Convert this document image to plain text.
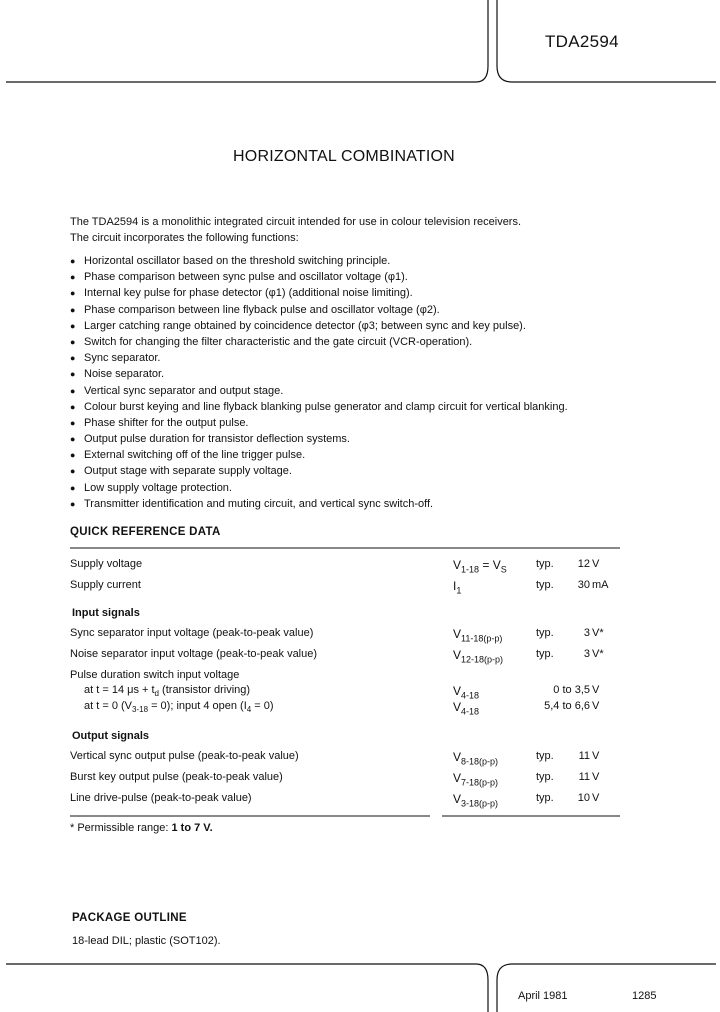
TDA2594
HORIZONTAL COMBINATION
The TDA2594 is a monolithic integrated circuit intended for use in colour television receivers.
The circuit incorporates the following functions:
● Horizontal oscillator based on the threshold switching principle.
● Phase comparison between sync pulse and oscillator voltage (φ1).
● Internal key pulse for phase detector (φ1) (additional noise limiting).
● Phase comparison between line flyback pulse and oscillator voltage (φ2).
● Larger catching range obtained by coincidence detector (φ3; between sync and key pulse).
● Switch for changing the filter characteristic and the gate circuit (VCR-operation).
● Sync separator.
● Noise separator.
● Vertical sync separator and output stage.
● Colour burst keying and line flyback blanking pulse generator and clamp circuit for vertical blanking.
● Phase shifter for the output pulse.
● Output pulse duration for transistor deflection systems.
● External switching off of the line trigger pulse.
● Output stage with separate supply voltage.
● Low supply voltage protection.
● Transmitter identification and muting circuit, and vertical sync switch-off.
QUICK REFERENCE DATA
Supply voltage	$V_{1-18} = V_S$	typ.	12 V
Supply current	$I_1$	typ.	30 mA
Input signals
Sync separator input voltage (peak-to-peak value)	$V_{11-18(p-p)}$	typ.	3 V*
Noise separator input voltage (peak-to-peak value)	$V_{12-18(p-p)}$	typ.	3 V*
Pulse duration switch input voltage
at t = 14 $\mu s + t_d$ (transistor driving)	$V_{4-18}$	0 to 3,5 V
at t = 0 $(V_{3-18} = 0)$; input 4 open $(I_4 = 0)$	$V_{4-18}$	5,4 to 6,6 V
Output signals
Vertical sync output pulse (peak-to-peak value)	$V_{8-18(p-p)}$	typ.	11 V
Burst key output pulse (peak-to-peak value)	$V_{7-18(p-p)}$	typ.	11 V
Line drive-pulse (peak-to-peak value)	$V_{3-18(p-p)}$	typ.	10 V
* Permissible range: 1 to 7 V.
PACKAGE OUTLINE
18-lead DIL; plastic (SOT102).
April 1981	1285
